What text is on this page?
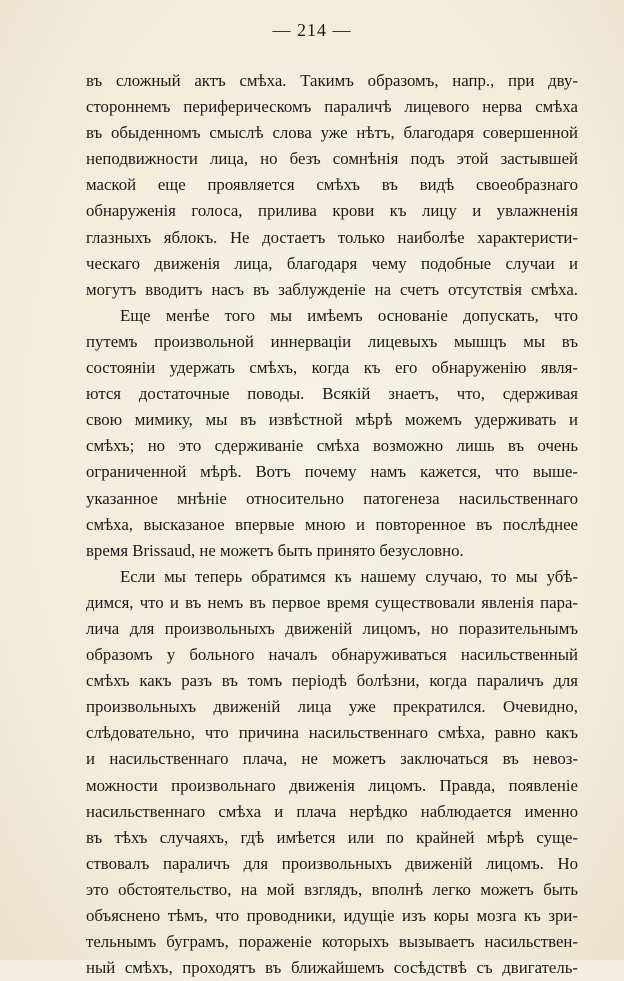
— 214 —
въ сложный актъ смѣха. Такимъ образомъ, напр., при дву-
стороннемъ периферическомъ параличѣ лицевого нерва смѣха
въ обыденномъ смыслѣ слова уже нѣтъ, благодаря совершенной
неподвижности лица, но безъ сомнѣнія подъ этой застывшей
маской еще проявляется смѣхъ въ видѣ своеобразнаго
обнаруженія голоса, прилива крови къ лицу и увлажненія
глазныхъ яблокъ. Не достаетъ только наиболѣе характеристи-
ческаго движенія лица, благодаря чему подобные случаи и
могутъ вводитъ насъ въ заблужденіе на счетъ отсутствія смѣха.
Еще менѣе того мы имѣемъ основаніе допускать, что
путемъ произвольной иннерваціи лицевыхъ мышцъ мы въ
состояніи удержать смѣхъ, когда къ его обнаруженію явля-
ются достаточные поводы. Всякій знаетъ, что, сдерживая
свою мимику, мы въ извѣстной мѣрѣ можемъ удерживать и
смѣхъ; но это сдерживаніе смѣха возможно лишь въ очень
ограниченной мѣрѣ. Вотъ почему намъ кажется, что выше-
указанное мнѣніе относительно патогенеза насильственнаго
смѣха, высказаное впервые мною и повторенное въ послѣднее
время Brissaud, не можетъ быть принято безусловно.
Если мы теперь обратимся къ нашему случаю, то мы убѣ-
димся, что и въ немъ въ первое время существовали явленія пара-
лича для произвольныхъ движеній лицомъ, но поразительнымъ
образомъ у больного началъ обнаруживаться насильственный
смѣхъ какъ разъ въ томъ періодѣ болѣзни, когда параличъ для
произвольныхъ движеній лица уже прекратился. Очевидно,
слѣдовательно, что причина насильственнаго смѣха, равно какъ
и насильственнаго плача, не можетъ заключаться въ невоз-
можности произвольнаго движенія лицомъ. Правда, появленіе
насильственнаго смѣха и плача нерѣдко наблюдается именно
въ тѣхъ случаяхъ, гдѣ имѣется или по крайней мѣрѣ суще-
ствовалъ параличъ для произвольныхъ движеній лицомъ. Но
это обстоятельство, на мой взглядъ, вполнѣ легко можетъ быть
объяснено тѣмъ, что проводники, идущіе изъ коры мозга къ зри-
тельнымъ буграмъ, пораженіе которыхъ вызываетъ насильствен-
ный смѣхъ, проходятъ въ ближайшемъ сосѣдствѣ съ двигатель-
